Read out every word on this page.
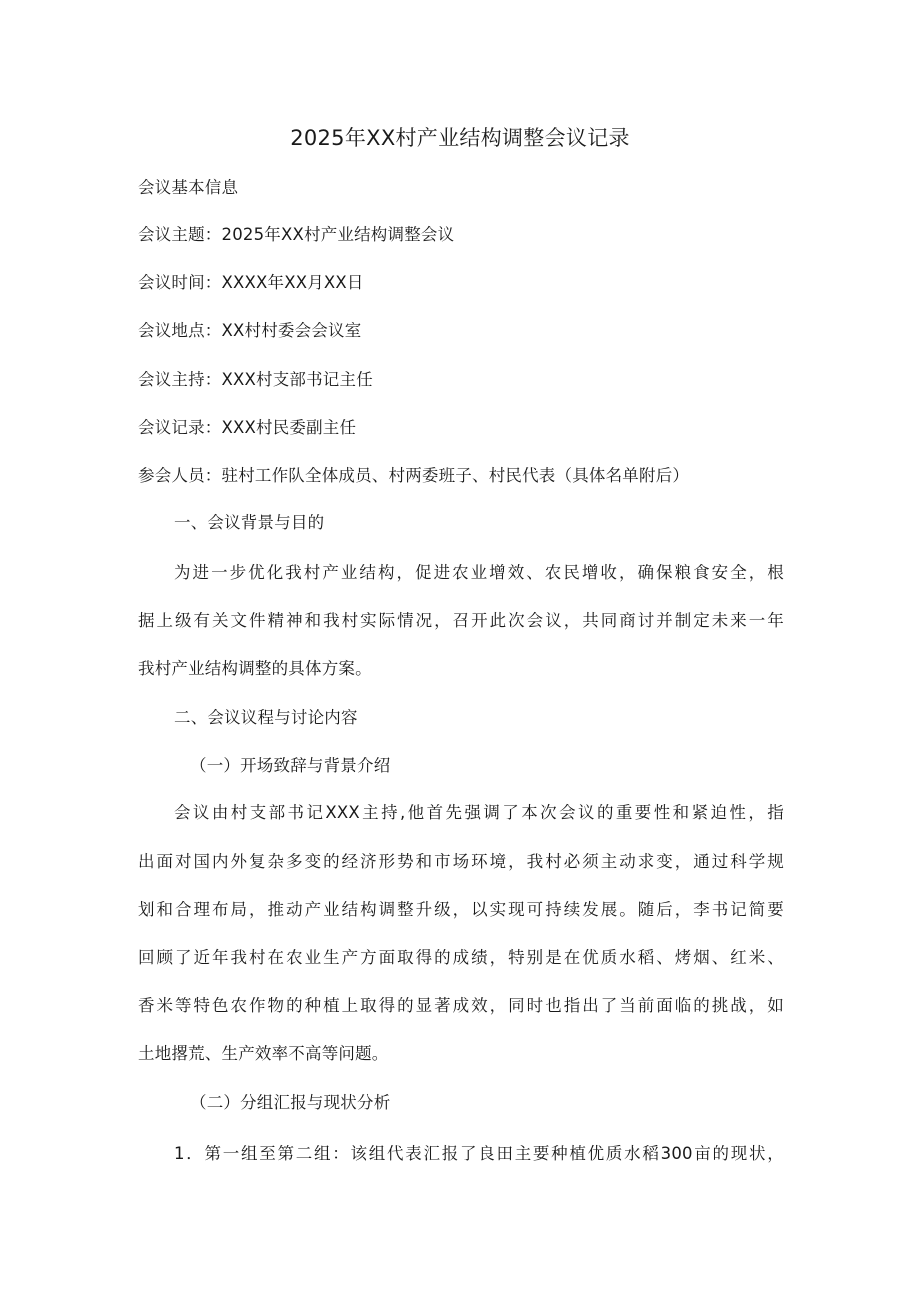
2025年XX村产业结构调整会议记录
会议基本信息
会议主题：2025年XX村产业结构调整会议
会议时间：XXXX年XX月XX日
会议地点：XX村村委会会议室
会议主持：XXX村支部书记主任
会议记录：XXX村民委副主任
参会人员：驻村工作队全体成员、村两委班子、村民代表（具体名单附后）
一、会议背景与目的
为进一步优化我村产业结构，促进农业增效、农民增收，确保粮食安全，根
据上级有关文件精神和我村实际情况，召开此次会议，共同商讨并制定未来一年
我村产业结构调整的具体方案。
二、会议议程与讨论内容
（一）开场致辞与背景介绍
会议由村支部书记XXX主持,他首先强调了本次会议的重要性和紧迫性，指
出面对国内外复杂多变的经济形势和市场环境，我村必须主动求变，通过科学规
划和合理布局，推动产业结构调整升级，以实现可持续发展。随后，李书记简要
回顾了近年我村在农业生产方面取得的成绩，特别是在优质水稻、烤烟、红米、
香米等特色农作物的种植上取得的显著成效，同时也指出了当前面临的挑战，如
土地撂荒、生产效率不高等问题。
（二）分组汇报与现状分析
1．第一组至第二组：该组代表汇报了良田主要种植优质水稻300亩的现状，
